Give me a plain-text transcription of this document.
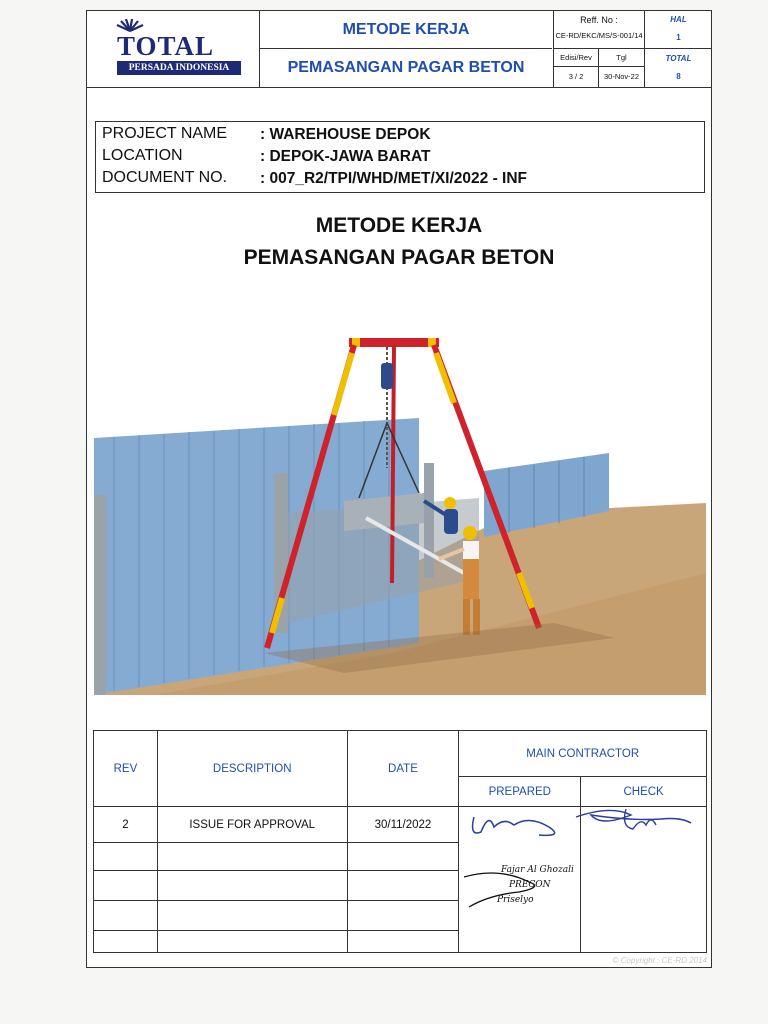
TOTAL
PERSADA INDONESIA
METODE KERJA
PEMASANGAN PAGAR BETON
Reff. No :
CE-RD/EKC/MS/S-001/14
Edisi/Rev	Tgl
3 / 2	30-Nov-22
HAL
1
TOTAL
8
PROJECT NAME : WAREHOUSE DEPOK
LOCATION	: DEPOK-JAWA BARAT
DOCUMENT NO. : 007_R2/TPI/WHD/MET/XI/2022 - INF
METODE KERJA
PEMASANGAN PAGAR BETON
REV	DESCRIPTION	DATE	MAIN CONTRACTOR	
			PREPARED	CHECK
2	ISSUE FOR APPROVAL	30/11/2022	Fajar Al Ghozali
PRECON
Priselyo

© Copyright : CE-RD 2014
